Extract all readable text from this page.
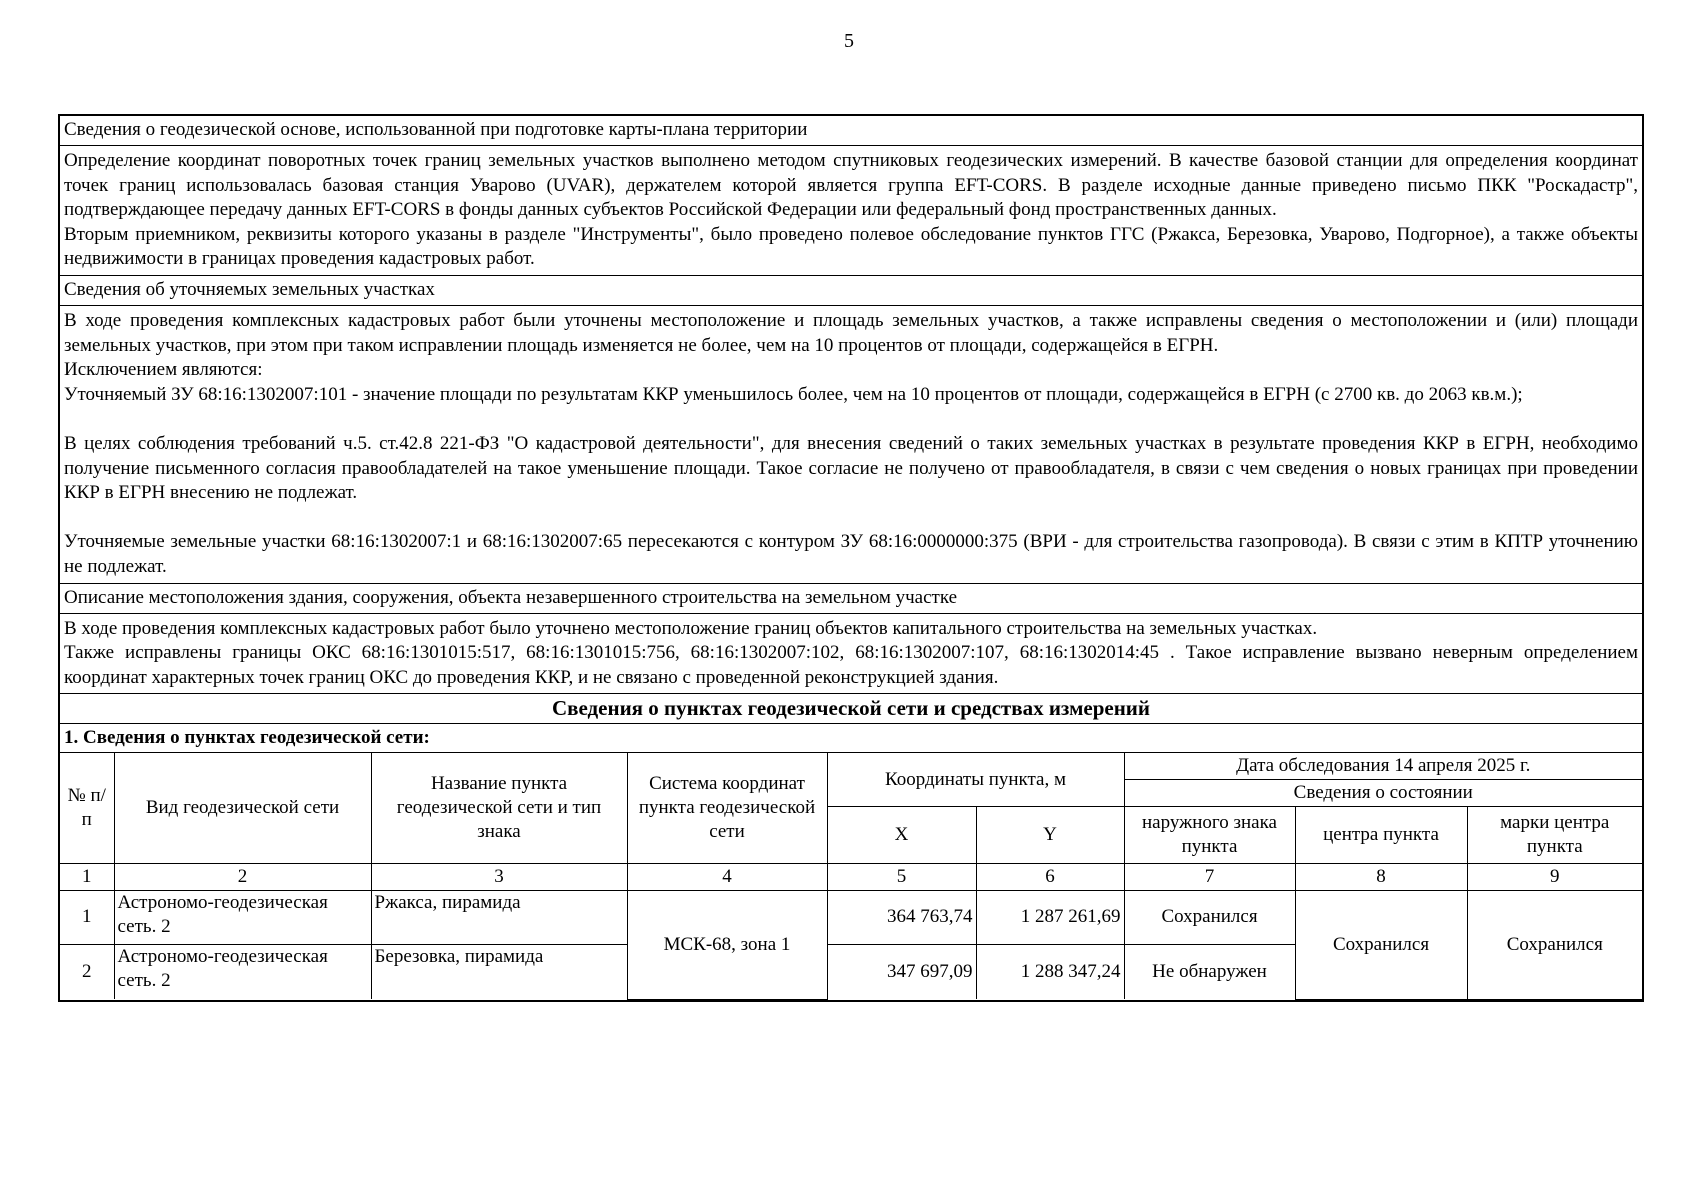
5
Сведения о геодезической основе, использованной при подготовке карты-плана территории

Определение координат поворотных точек границ земельных участков выполнено методом спутниковых геодезических измерений. В качестве базовой станции для определения координат точек границ использовалась базовая станция Уварово (UVAR), держателем которой является группа EFT-CORS. В разделе исходные данные приведено письмо ПКК "Роскадастр", подтверждающее передачу данных EFT-CORS в фонды данных субъектов Российской Федерации или федеральный фонд пространственных данных.

Вторым приемником, реквизиты которого указаны в разделе "Инструменты", было проведено полевое обследование пунктов ГГС (Ржакса, Березовка, Уварово, Подгорное), а также объекты недвижимости в границах проведения кадастровых работ.

Сведения об уточняемых земельных участках

В ходе проведения комплексных кадастровых работ были уточнены местоположение и площадь земельных участков, а также исправлены сведения о местоположении и (или) площади земельных участков, при этом при таком исправлении площадь изменяется не более, чем на 10 процентов от площади, содержащейся в ЕГРН.

Исключением являются:

Уточняемый ЗУ 68:16:1302007:101 - значение площади по результатам ККР уменьшилось более, чем на 10 процентов от площади, содержащейся в ЕГРН (с 2700 кв. до 2063 кв.м.);

В целях соблюдения требований ч.5. ст.42.8 221-ФЗ "О кадастровой деятельности", для внесения сведений о таких земельных участках в результате проведения ККР в ЕГРН, необходимо получение письменного согласия правообладателей на такое уменьшение площади. Такое согласие не получено от правообладателя, в связи с чем сведения о новых границах при проведении ККР в ЕГРН внесению не подлежат.

Уточняемые земельные участки 68:16:1302007:1 и 68:16:1302007:65 пересекаются с контуром ЗУ 68:16:0000000:375 (ВРИ - для строительства газопровода). В связи с этим в КПТР уточнению не подлежат.

Описание местоположения здания, сооружения, объекта незавершенного строительства на земельном участке

В ходе проведения комплексных кадастровых работ было уточнено местоположение границ объектов капитального строительства на земельных участках.

Также исправлены границы ОКС 68:16:1301015:517, 68:16:1301015:756, 68:16:1302007:102, 68:16:1302007:107, 68:16:1302014:45 . Такое исправление вызвано неверным определением координат характерных точек границ ОКС до проведения ККР, и не связано с проведенной реконструкцией здания.

Сведения о пунктах геодезической сети и средствах измерений
1. Сведения о пунктах геодезической сети:
№ п/п	Вид геодезической сети	Название пункта геодезической сети и тип знака	Система координат пункта геодезической сети	Координаты пункта, м		Дата обследования 14 апреля 2025 г.		
						Сведения о состоянии		
				X	Y	наружного знака пункта	центра пункта	марки центра пункта
1	2	3	4	5	6	7	8	9
1	Астрономо-геодезическая сеть. 2	Ржакса, пирамида	МСК-68, зона 1	364 763,74	1 287 261,69	Сохранился	Сохранился	Сохранился
2	Астрономо-геодезическая сеть. 2	Березовка, пирамида		347 697,09	1 288 347,24	Не обнаружен		
